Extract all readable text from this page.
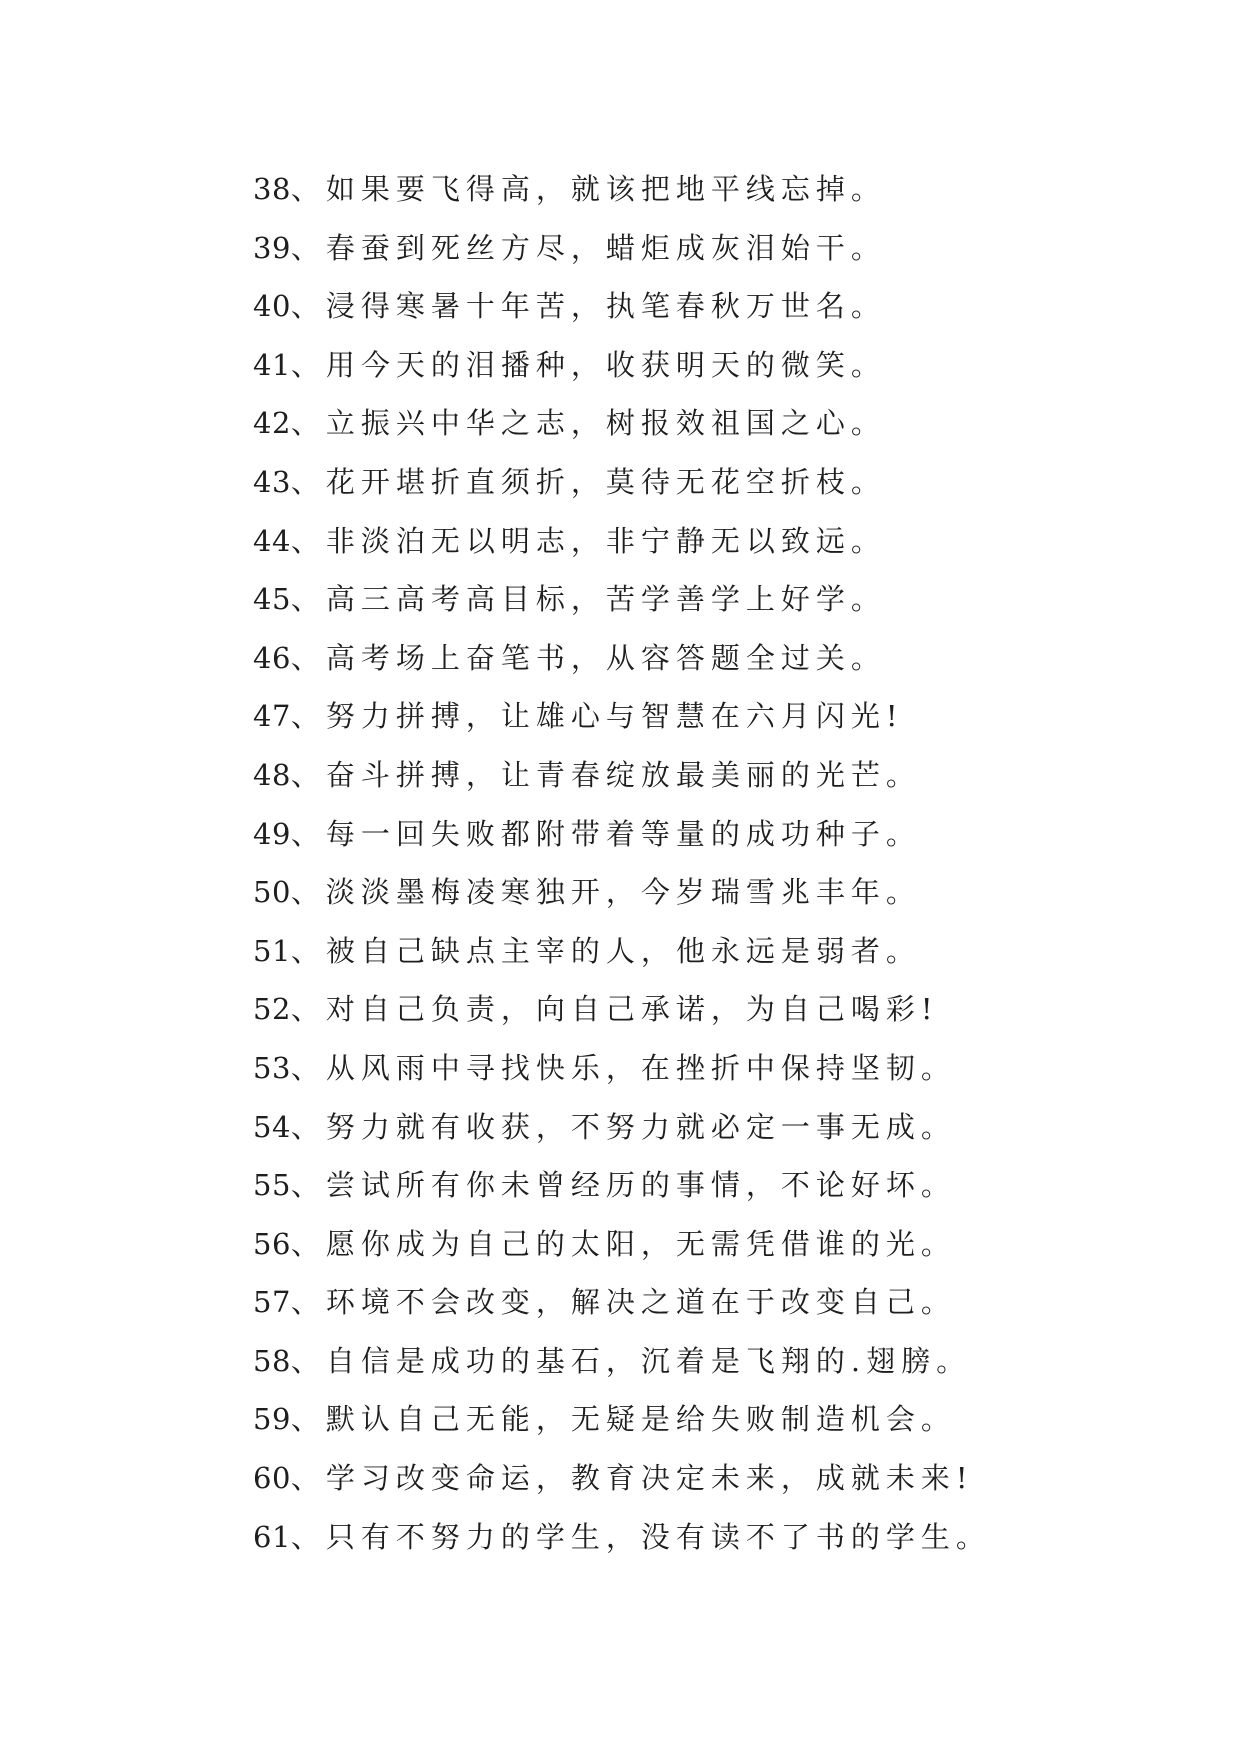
38、如果要飞得高，就该把地平线忘掉。
39、春蚕到死丝方尽，蜡炬成灰泪始干。
40、浸得寒暑十年苦，执笔春秋万世名。
41、用今天的泪播种，收获明天的微笑。
42、立振兴中华之志，树报效祖国之心。
43、花开堪折直须折，莫待无花空折枝。
44、非淡泊无以明志，非宁静无以致远。
45、高三高考高目标，苦学善学上好学。
46、高考场上奋笔书，从容答题全过关。
47、努力拼搏，让雄心与智慧在六月闪光!
48、奋斗拼搏，让青春绽放最美丽的光芒。
49、每一回失败都附带着等量的成功种子。
50、淡淡墨梅凌寒独开，今岁瑞雪兆丰年。
51、被自己缺点主宰的人，他永远是弱者。
52、对自己负责，向自己承诺，为自己喝彩!
53、从风雨中寻找快乐，在挫折中保持坚韧。
54、努力就有收获，不努力就必定一事无成。
55、尝试所有你未曾经历的事情，不论好坏。
56、愿你成为自己的太阳，无需凭借谁的光。
57、环境不会改变，解决之道在于改变自己。
58、自信是成功的基石，沉着是飞翔的.翅膀。
59、默认自己无能，无疑是给失败制造机会。
60、学习改变命运，教育决定未来，成就未来!
61、只有不努力的学生，没有读不了书的学生。
